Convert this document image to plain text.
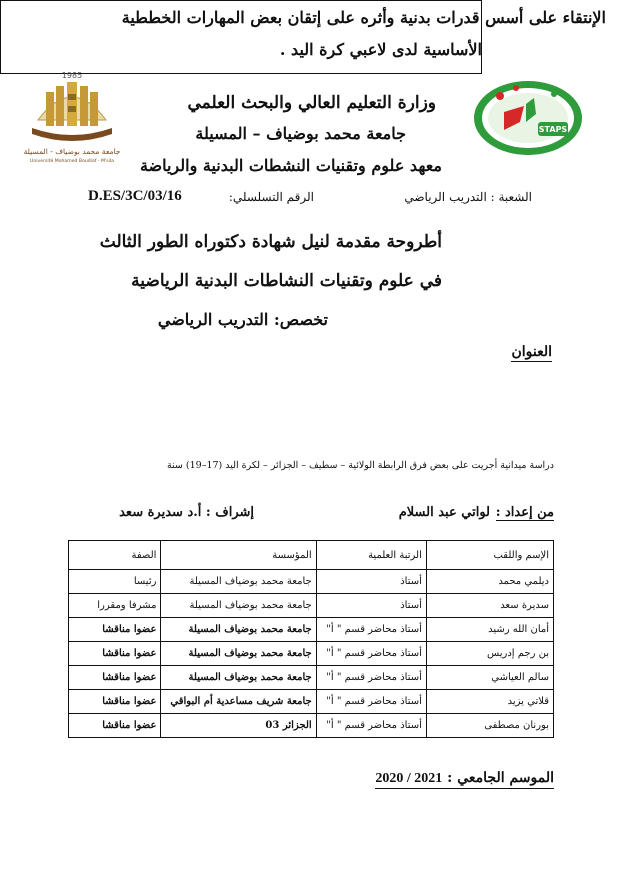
1985
جامعة محمد بوضياف - المسيلة
Université Mohamed Boudiaf - M'sila
STAPS
وزارة التعليم العالي والبحث العلمي
جامعة محمد بوضياف – المسيلة
معهد علوم وتقنيات النشطات البدنية والرياضة
الشعبة : التدريب الرياضي
الرقم التسلسلي:
D.ES/3C/03/16
أطروحة مقدمة لنيل شهادة دكتوراه الطور الثالث
في علوم وتقنيات النشاطات البدنية الرياضية
تخصص: التدريب الرياضي
العنوان
الإنتقاء على أسس قدرات بدنية وأثره على إتقان بعض المهارات الخططية
الأساسية لدى لاعبي كرة اليد .
دراسة ميدانية أجريت على بعض فرق الرابطة الولائية – سطيف – الجزائر – لكرة اليد (17–19) سنة
من إعداد :
لواتي عبد السلام
إشراف : أ.د سديرة سعد
الإسم واللقب	الرتبة العلمية	المؤسسة	الصفة
ديلمي محمد	أستاذ	جامعة محمد بوضياف المسيلة	رئيسا
سديرة سعد	أستاذ	جامعة محمد بوضياف المسيلة	مشرفا ومقررا
أمان الله رشيد	أستاذ محاضر قسم " أ"	جامعة محمد بوضياف المسيلة	عضوا مناقشا
بن رجم إدريس	أستاذ محاضر قسم " أ"	جامعة محمد بوضياف المسيلة	عضوا مناقشا
سالم العياشي	أستاذ محاضر قسم " أ"	جامعة محمد بوضياف المسيلة	عضوا مناقشا
قلاتي يزيد	أستاذ محاضر قسم " أ"	جامعة شريف مساعدية أم البواقي	عضوا مناقشا
بورنان مصطفى	أستاذ محاضر قسم " أ"	الجزائر 03	عضوا مناقشا
الموسم الجامعي : 2021 / 2020
